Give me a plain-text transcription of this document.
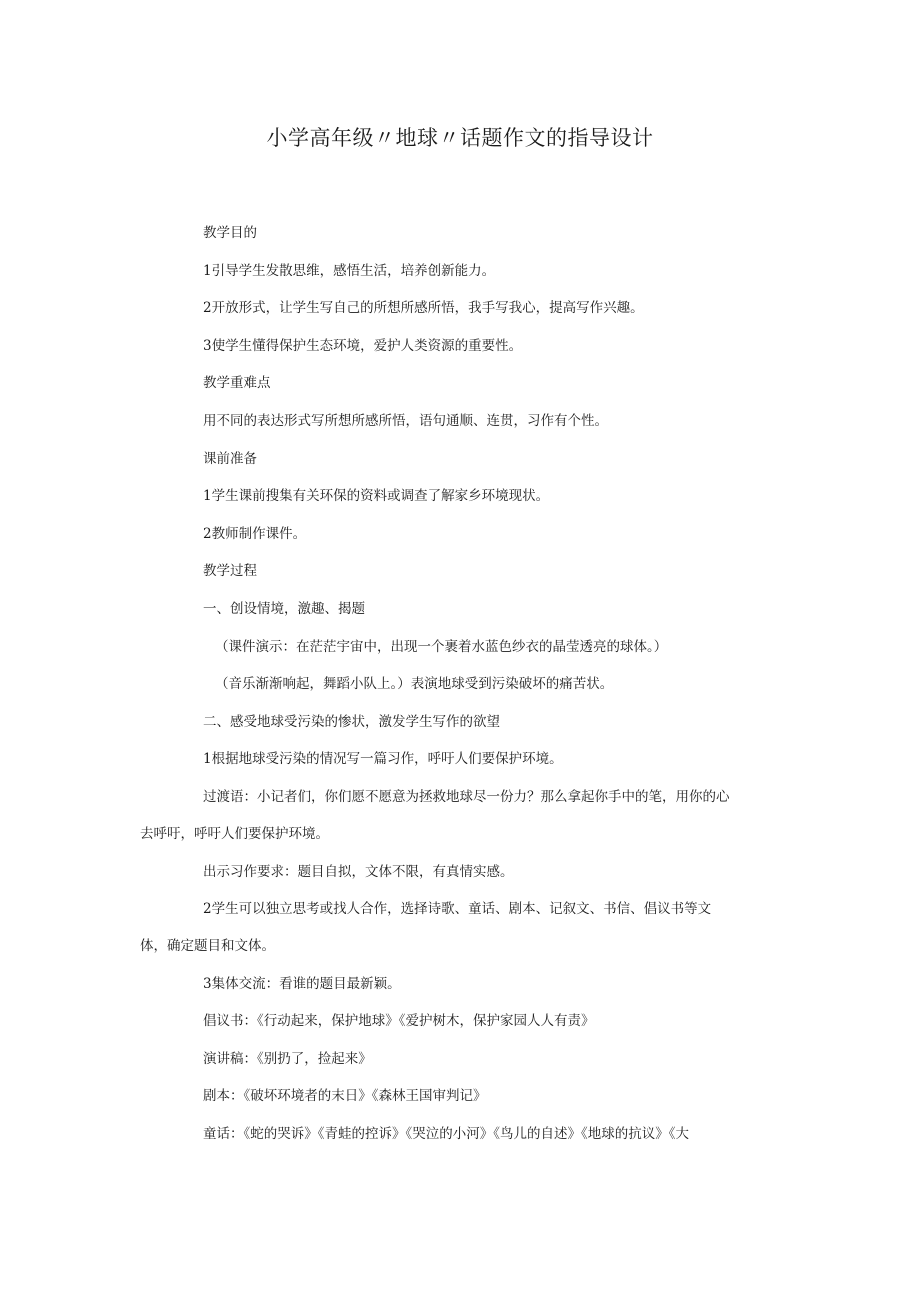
小学高年级〃地球〃话题作文的指导设计
教学目的
1引导学生发散思维，感悟生活，培养创新能力。
2开放形式，让学生写自己的所想所感所悟，我手写我心，提高写作兴趣。
3使学生懂得保护生态环境，爱护人类资源的重要性。
教学重难点
用不同的表达形式写所想所感所悟，语句通顺、连贯，习作有个性。
课前准备
1学生课前搜集有关环保的资料或调查了解家乡环境现状。
2教师制作课件。
教学过程
一、创设情境，激趣、揭题
（课件演示：在茫茫宇宙中，出现一个裹着水蓝色纱衣的晶莹透亮的球体。）
（音乐渐渐响起，舞蹈小队上。）表演地球受到污染破坏的痛苦状。
二、感受地球受污染的惨状，激发学生写作的欲望
1根据地球受污染的情况写一篇习作，呼吁人们要保护环境。
过渡语：小记者们，你们愿不愿意为拯救地球尽一份力？那么拿起你手中的笔，用你的心
去呼吁，呼吁人们要保护环境。
出示习作要求：题目自拟，文体不限，有真情实感。
2学生可以独立思考或找人合作，选择诗歌、童话、剧本、记叙文、书信、倡议书等文
体，确定题目和文体。
3集体交流：看谁的题目最新颖。
倡议书：《行动起来，保护地球》《爱护树木，保护家园人人有责》
演讲稿：《别扔了，捡起来》
剧本：《破坏环境者的末日》《森林王国审判记》
童话：《蛇的哭诉》《青蛙的控诉》《哭泣的小河》《鸟儿的自述》《地球的抗议》《大
